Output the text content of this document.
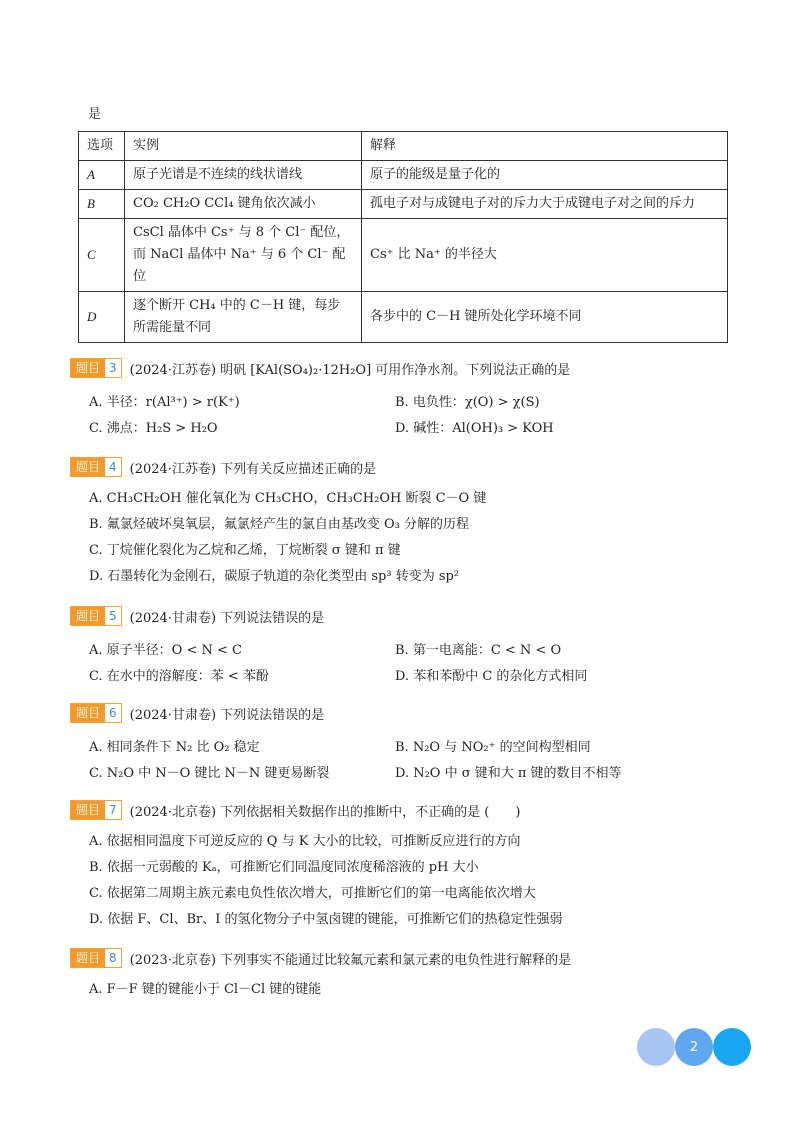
是
选项	实例	解释
A	原子光谱是不连续的线状谱线	原子的能级是量子化的
B	CO₂ CH₂O CCl₄ 键角依次减小	孤电子对与成键电子对的斥力大于成键电子对之间的斥力
C	CsCl 晶体中 Cs⁺ 与 8 个 Cl⁻ 配位，而 NaCl 晶体中 Na⁺ 与 6 个 Cl⁻ 配位	Cs⁺ 比 Na⁺ 的半径大
D	逐个断开 CH₄ 中的 C－H 键，每步所需能量不同	各步中的 C－H 键所处化学环境不同
题目 3	(2024·江苏卷) 明矾 [KAl(SO₄)₂·12H₂O] 可用作净水剂。下列说法正确的是
A. 半径：r(Al³⁺) > r(K⁺)	B. 电负性：χ(O) > χ(S)
C. 沸点：H₂S > H₂O	D. 碱性：Al(OH)₃ > KOH
题目 4	(2024·江苏卷) 下列有关反应描述正确的是
A. CH₃CH₂OH 催化氧化为 CH₃CHO，CH₃CH₂OH 断裂 C－O 键
B. 氟氯烃破坏臭氧层，氟氯烃产生的氯自由基改变 O₃ 分解的历程
C. 丁烷催化裂化为乙烷和乙烯，丁烷断裂 σ 键和 π 键
D. 石墨转化为金刚石，碳原子轨道的杂化类型由 sp³ 转变为 sp²
题目 5	(2024·甘肃卷) 下列说法错误的是
A. 原子半径：O < N < C	B. 第一电离能：C < N < O
C. 在水中的溶解度：苯 < 苯酚	D. 苯和苯酚中 C 的杂化方式相同
题目 6	(2024·甘肃卷) 下列说法错误的是
A. 相同条件下 N₂ 比 O₂ 稳定	B. N₂O 与 NO₂⁺ 的空间构型相同
C. N₂O 中 N－O 键比 N－N 键更易断裂	D. N₂O 中 σ 键和大 π 键的数目不相等
题目 7	(2024·北京卷) 下列依据相关数据作出的推断中，不正确的是 (　　)
A. 依据相同温度下可逆反应的 Q 与 K 大小的比较，可推断反应进行的方向
B. 依据一元弱酸的 Kₐ，可推断它们同温度同浓度稀溶液的 pH 大小
C. 依据第二周期主族元素电负性依次增大，可推断它们的第一电离能依次增大
D. 依据 F、Cl、Br、I 的氢化物分子中氢卤键的键能，可推断它们的热稳定性强弱
题目 8	(2023·北京卷) 下列事实不能通过比较氟元素和氯元素的电负性进行解释的是
A. F－F 键的键能小于 Cl－Cl 键的键能
2
